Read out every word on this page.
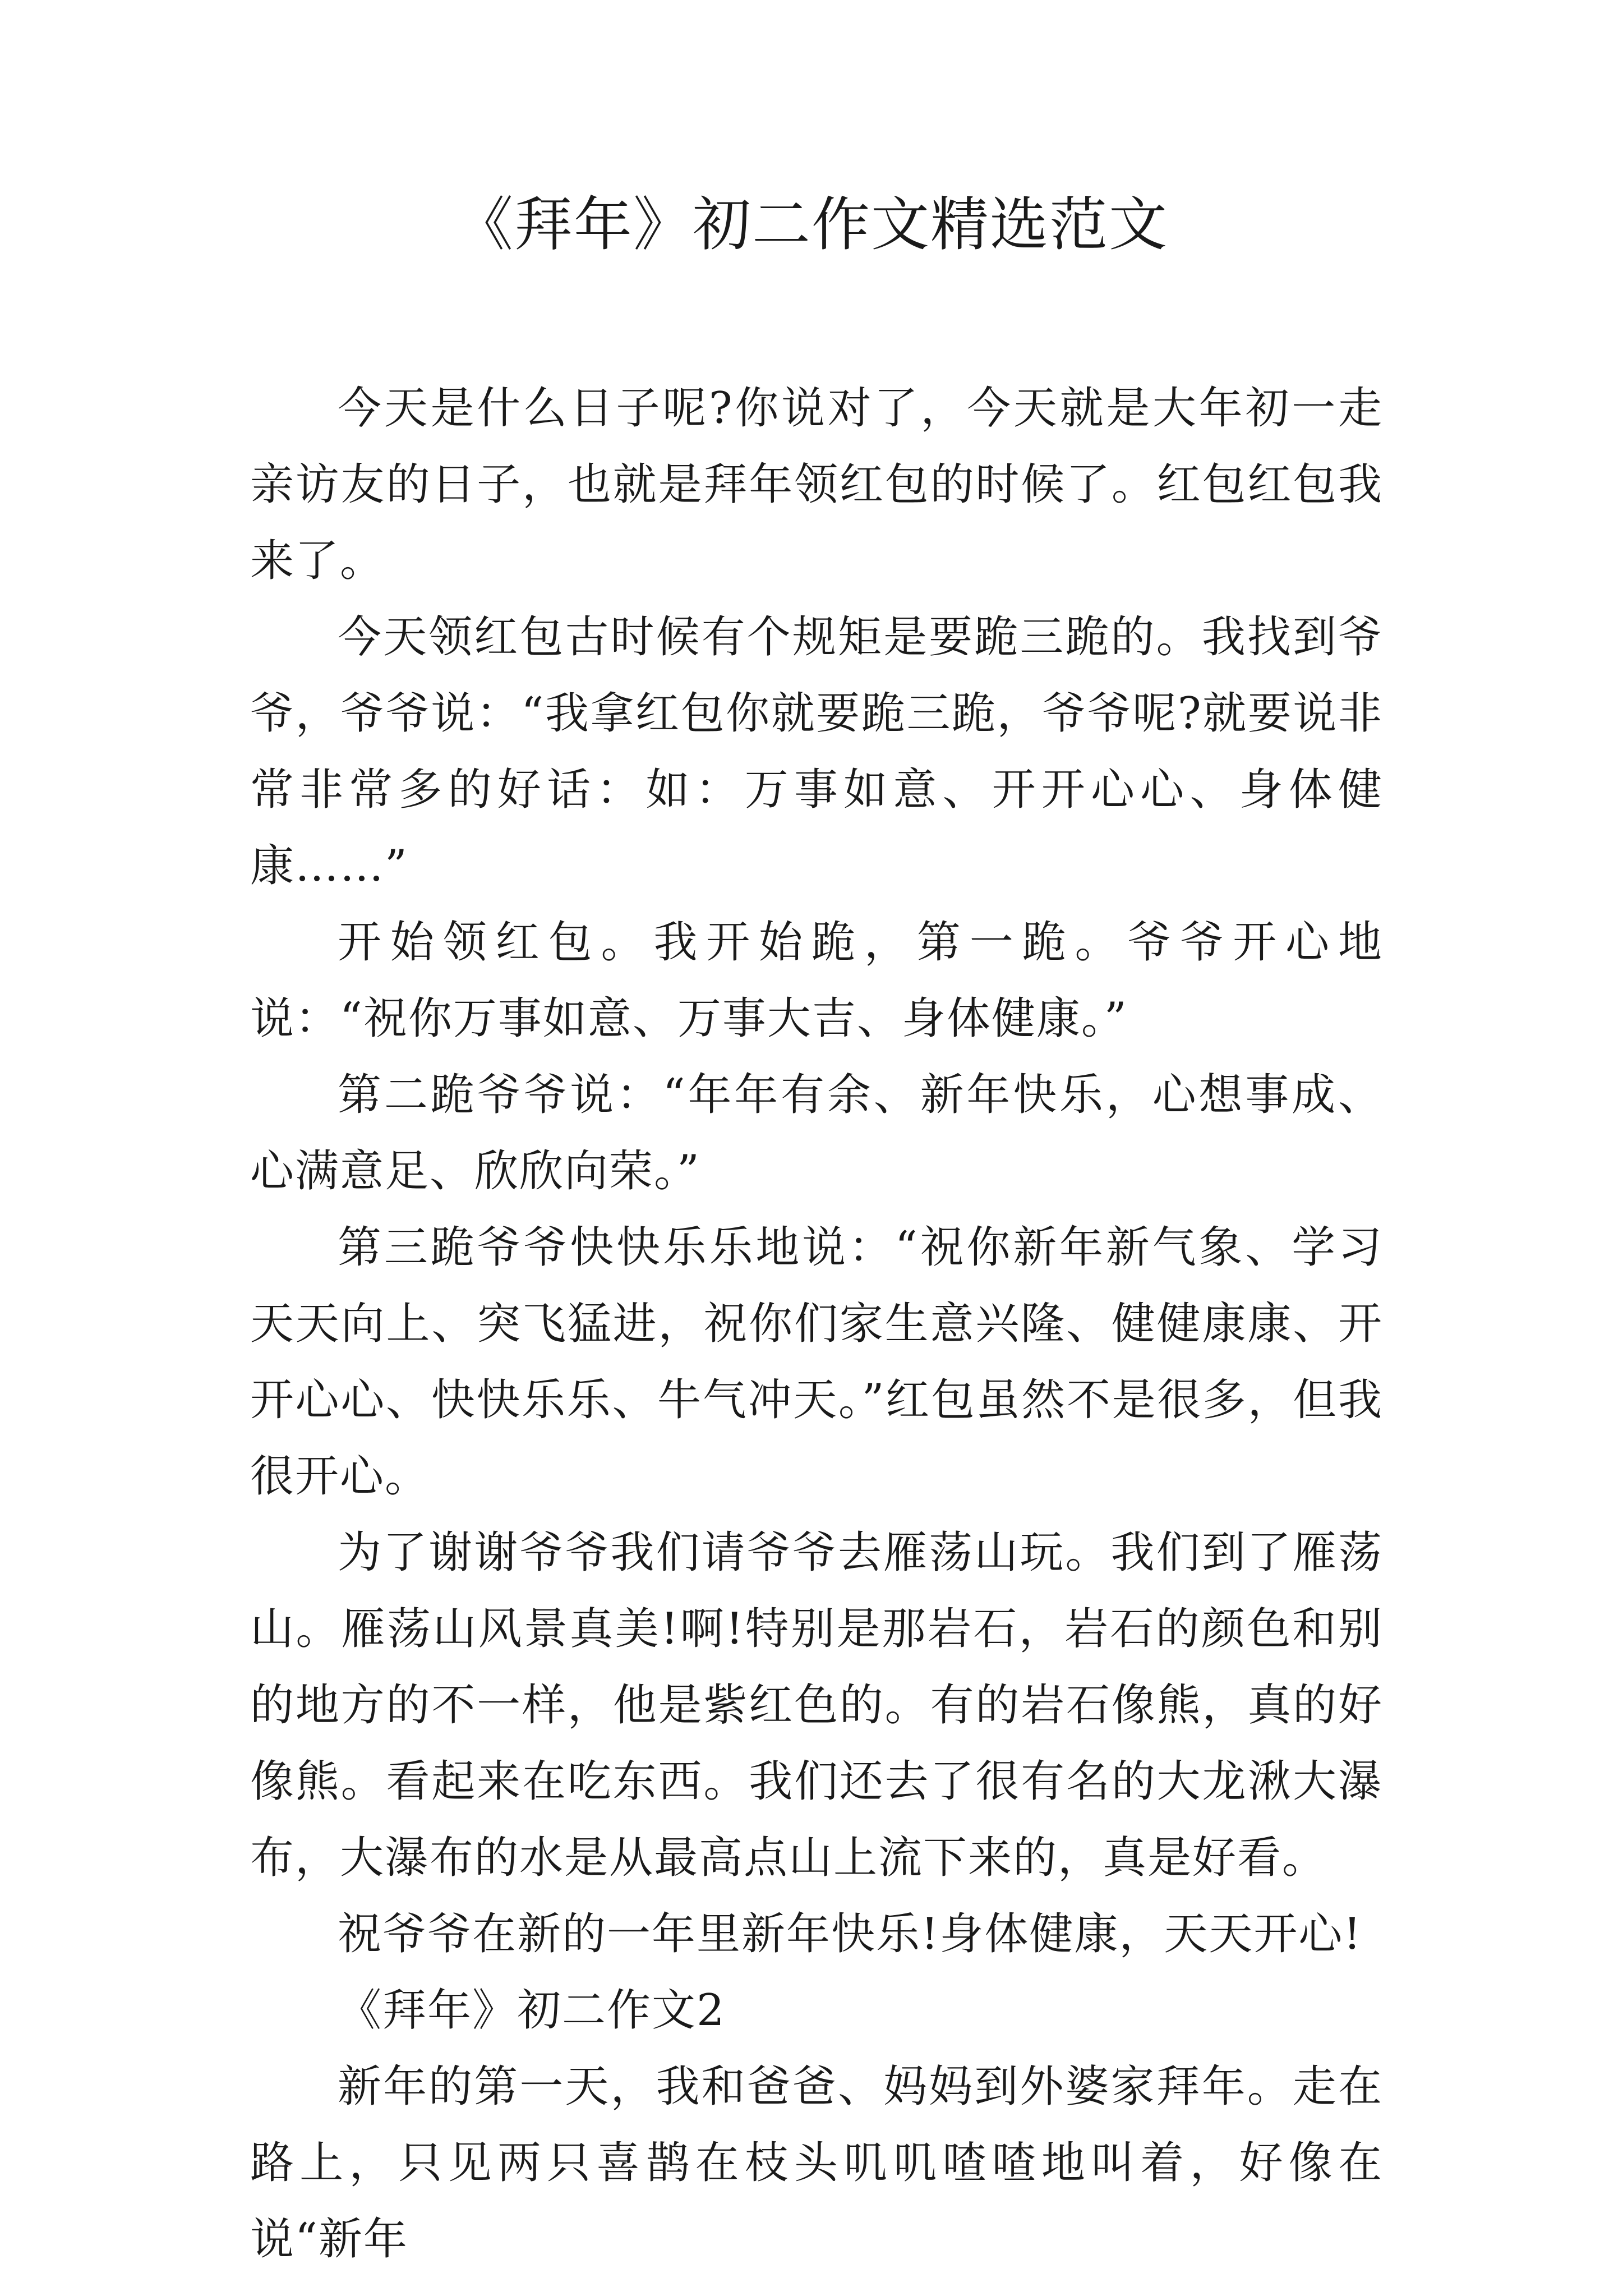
《拜年》初二作文精选范文

今天是什么日子呢?你说对了，今天就是大年初一走亲访友的日子，也就是拜年领红包的时候了。红包红包我来了。

今天领红包古时候有个规矩是要跪三跪的。我找到爷爷，爷爷说：“我拿红包你就要跪三跪，爷爷呢?就要说非常非常多的好话：如：万事如意、开开心心、身体健康……”

开始领红包。我开始跪，第一跪。爷爷开心地说：“祝你万事如意、万事大吉、身体健康。”

第二跪爷爷说：“年年有余、新年快乐，心想事成、心满意足、欣欣向荣。”

第三跪爷爷快快乐乐地说：“祝你新年新气象、学习天天向上、突飞猛进，祝你们家生意兴隆、健健康康、开开心心、快快乐乐、牛气冲天。”红包虽然不是很多，但我很开心。

为了谢谢爷爷我们请爷爷去雁荡山玩。我们到了雁荡山。雁荡山风景真美!啊!特别是那岩石，岩石的颜色和别的地方的不一样，他是紫红色的。有的岩石像熊，真的好像熊。看起来在吃东西。我们还去了很有名的大龙湫大瀑布，大瀑布的水是从最高点山上流下来的，真是好看。

祝爷爷在新的一年里新年快乐!身体健康，天天开心!

《拜年》初二作文2

新年的第一天，我和爸爸、妈妈到外婆家拜年。走在路上，只见两只喜鹊在枝头叽叽喳喳地叫着，好像在说“新年
